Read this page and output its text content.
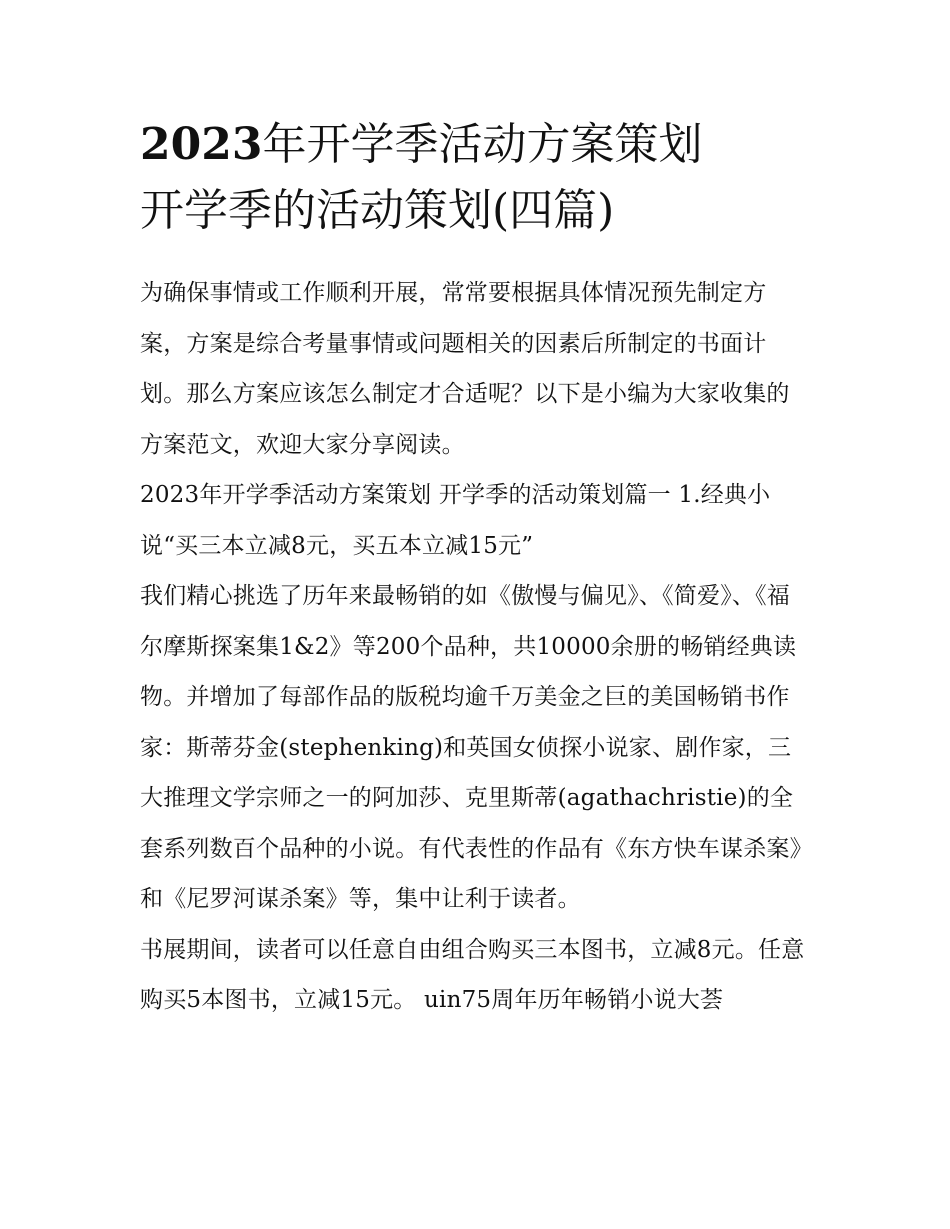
2023年开学季活动方案策划
开学季的活动策划(四篇)

为确保事情或工作顺利开展，常常要根据具体情况预先制定方案，方案是综合考量事情或问题相关的因素后所制定的书面计划。那么方案应该怎么制定才合适呢？以下是小编为大家收集的方案范文，欢迎大家分享阅读。

2023年开学季活动方案策划 开学季的活动策划篇一 1.经典小说“买三本立减8元，买五本立减15元”

我们精心挑选了历年来最畅销的如《傲慢与偏见》、《简爱》、《福尔摩斯探案集1&2》等200个品种，共10000余册的畅销经典读物。并增加了每部作品的版税均逾千万美金之巨的美国畅销书作家：斯蒂芬金(stephenking)和英国女侦探小说家、剧作家，三大推理文学宗师之一的阿加莎、克里斯蒂(agathachristie)的全套系列数百个品种的小说。有代表性的作品有《东方快车谋杀案》和《尼罗河谋杀案》等，集中让利于读者。

书展期间，读者可以任意自由组合购买三本图书，立减8元。任意购买5本图书，立减15元。 uin75周年历年畅销小说大荟
